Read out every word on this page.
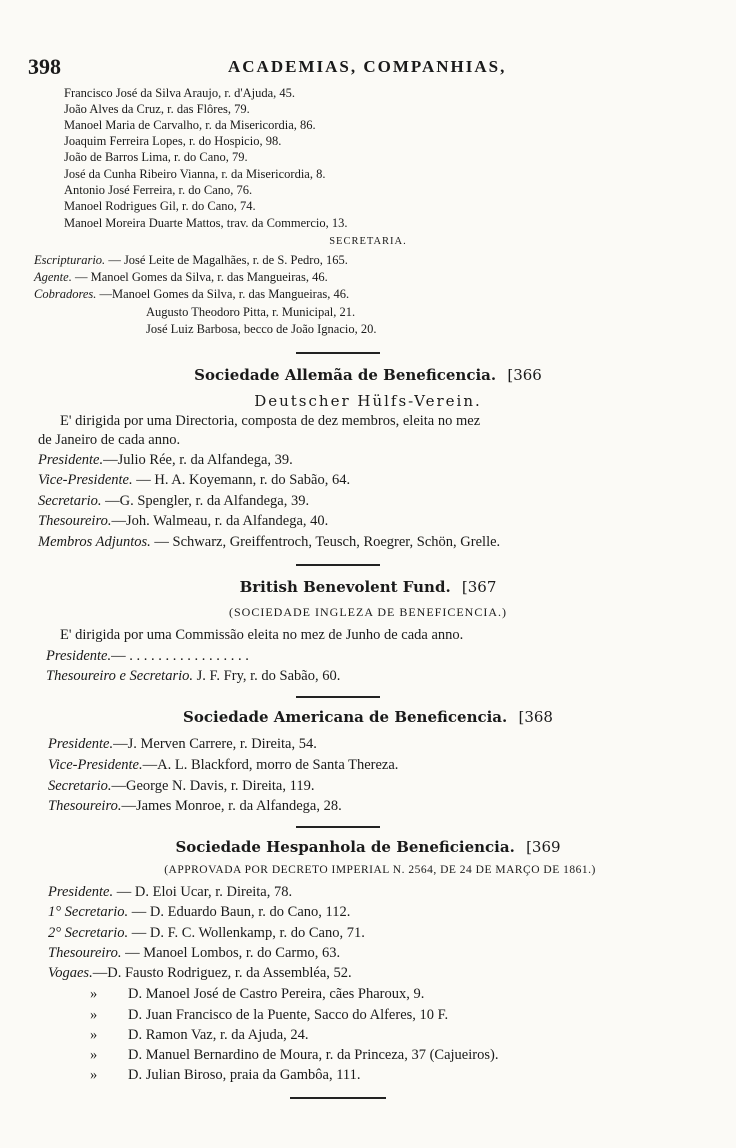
398	ACADEMIAS, COMPANHIAS,
Francisco José da Silva Araujo, r. d'Ajuda, 45.
João Alves da Cruz, r. das Flôres, 79.
Manoel Maria de Carvalho, r. da Misericordia, 86.
Joaquim Ferreira Lopes, r. do Hospicio, 98.
João de Barros Lima, r. do Cano, 79.
José da Cunha Ribeiro Vianna, r. da Misericordia, 8.
Antonio José Ferreira, r. do Cano, 76.
Manoel Rodrigues Gil, r. do Cano, 74.
Manoel Moreira Duarte Mattos, trav. da Commercio, 13.
SECRETARIA.
Escripturario. — José Leite de Magalhães, r. de S. Pedro, 165.
Agente. — Manoel Gomes da Silva, r. das Mangueiras, 46.
Cobradores. —Manoel Gomes da Silva, r. das Mangueiras, 46.
Augusto Theodoro Pitta, r. Municipal, 21.
José Luiz Barbosa, becco de João Ignacio, 20.
Sociedade Allemãa de Beneficencia. [366
Deutscher Hülfs-Verein.
E' dirigida por uma Directoria, composta de dez membros, eleita no mez
de Janeiro de cada anno.
Presidente.—Julio Rée, r. da Alfandega, 39.
Vice-Presidente. — H. A. Koyemann, r. do Sabão, 64.
Secretario. —G. Spengler, r. da Alfandega, 39.
Thesoureiro.—Joh. Walmeau, r. da Alfandega, 40.
Membros Adjuntos. — Schwarz, Greiffentroch, Teusch, Roegrer, Schön, Grelle.
British Benevolent Fund. [367
(SOCIEDADE INGLEZA DE BENEFICENCIA.)
E' dirigida por uma Commissão eleita no mez de Junho de cada anno.
Presidente.— . . . . . . . . . . . . . . . . .
Thesoureiro e Secretario. J. F. Fry, r. do Sabão, 60.
Sociedade Americana de Beneficencia. [368
Presidente.—J. Merven Carrere, r. Direita, 54.
Vice-Presidente.—A. L. Blackford, morro de Santa Thereza.
Secretario.—George N. Davis, r. Direita, 119.
Thesoureiro.—James Monroe, r. da Alfandega, 28.
Sociedade Hespanhola de Beneficiencia. [369
(APPROVADA POR DECRETO IMPERIAL N. 2564, DE 24 DE MARÇO DE 1861.)
Presidente. — D. Eloi Ucar, r. Direita, 78.
1° Secretario. — D. Eduardo Baun, r. do Cano, 112.
2° Secretario. — D. F. C. Wollenkamp, r. do Cano, 71.
Thesoureiro. — Manoel Lombos, r. do Carmo, 63.
Vogaes.—D. Fausto Rodriguez, r. da Assembléa, 52.
» D. Manoel José de Castro Pereira, cães Pharoux, 9.
» D. Juan Francisco de la Puente, Sacco do Alferes, 10 F.
» D. Ramon Vaz, r. da Ajuda, 24.
» D. Manuel Bernardino de Moura, r. da Princeza, 37 (Cajueiros).
» D. Julian Biroso, praia da Gambôa, 111.
